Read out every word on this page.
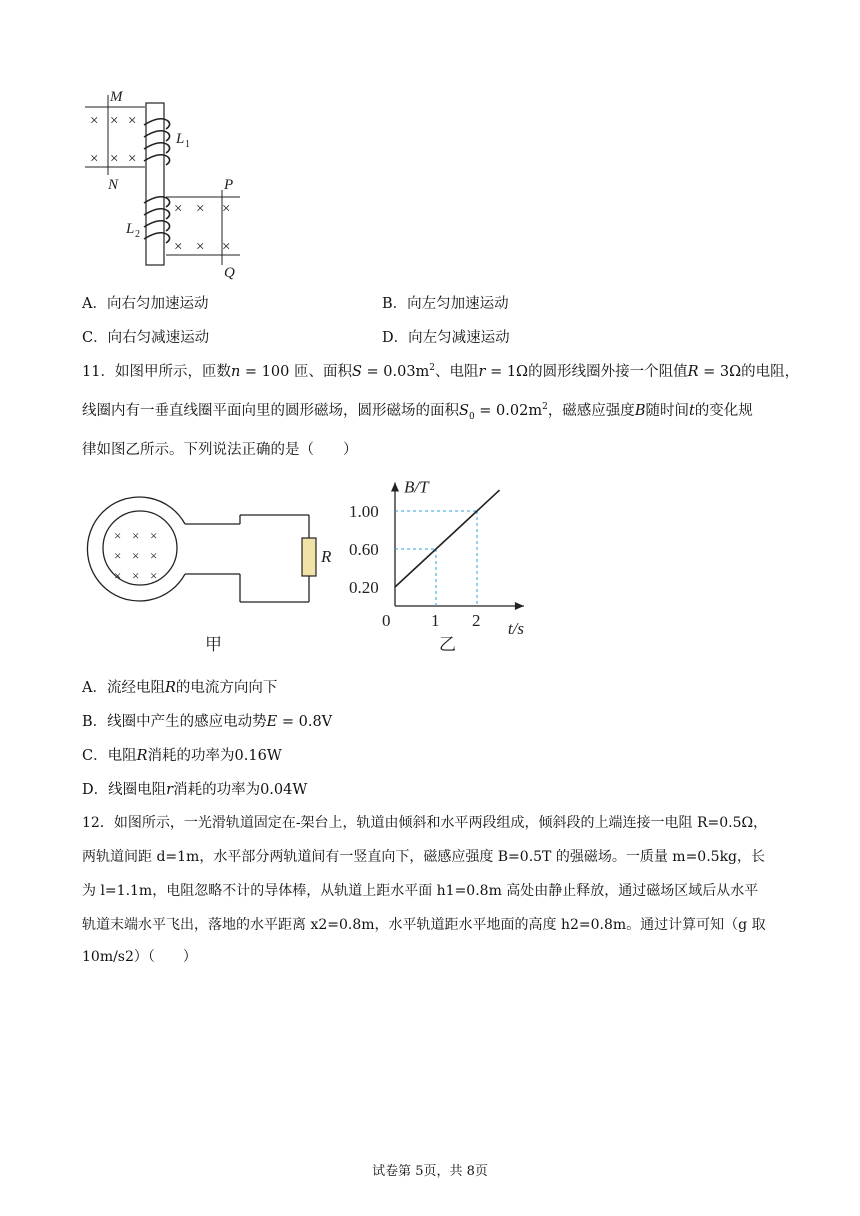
× × ×
× × ×
× × ×
× × ×
M
N	P
Q
L
L
1
2
A．向右匀加速运动	B．向左匀加速运动
C．向右匀减速运动	D．向左匀减速运动
11．如图甲所示，匝数n = 100 匝、面积$S = 0.03m^2$、电阻r = 1Ω的圆形线圈外接一个阻值R = 3Ω的电阻，
线圈内有一垂直线圈平面向里的圆形磁场，圆形磁场的面积$S_0 = 0.02m^2$，磁感应强度B随时间t的变化规
律如图乙所示。下列说法正确的是（　　）
R
× × ×
× × ×
× × ×
甲
B/T
t/s
0 1 2
0.20
0.60
1.00
乙
A．流经电阻R的电流方向向下
B．线圈中产生的感应电动势E = 0.8V
C．电阻R消耗的功率为0.16W
D．线圈电阻r消耗的功率为0.04W
12．如图所示，一光滑轨道固定在-架台上，轨道由倾斜和水平两段组成，倾斜段的上端连接一电阻 R=0.5Ω，
两轨道间距 d=1m，水平部分两轨道间有一竖直向下，磁感应强度 B=0.5T 的强磁场。一质量 m=0.5kg，长
为 l=1.1m，电阻忽略不计的导体棒，从轨道上距水平面 h1=0.8m 高处由静止释放，通过磁场区域后从水平
轨道末端水平飞出，落地的水平距离 x2=0.8m，水平轨道距水平地面的高度 h2=0.8m。通过计算可知（g 取
10m/s2）（　　）
试卷第 5页，共 8页
